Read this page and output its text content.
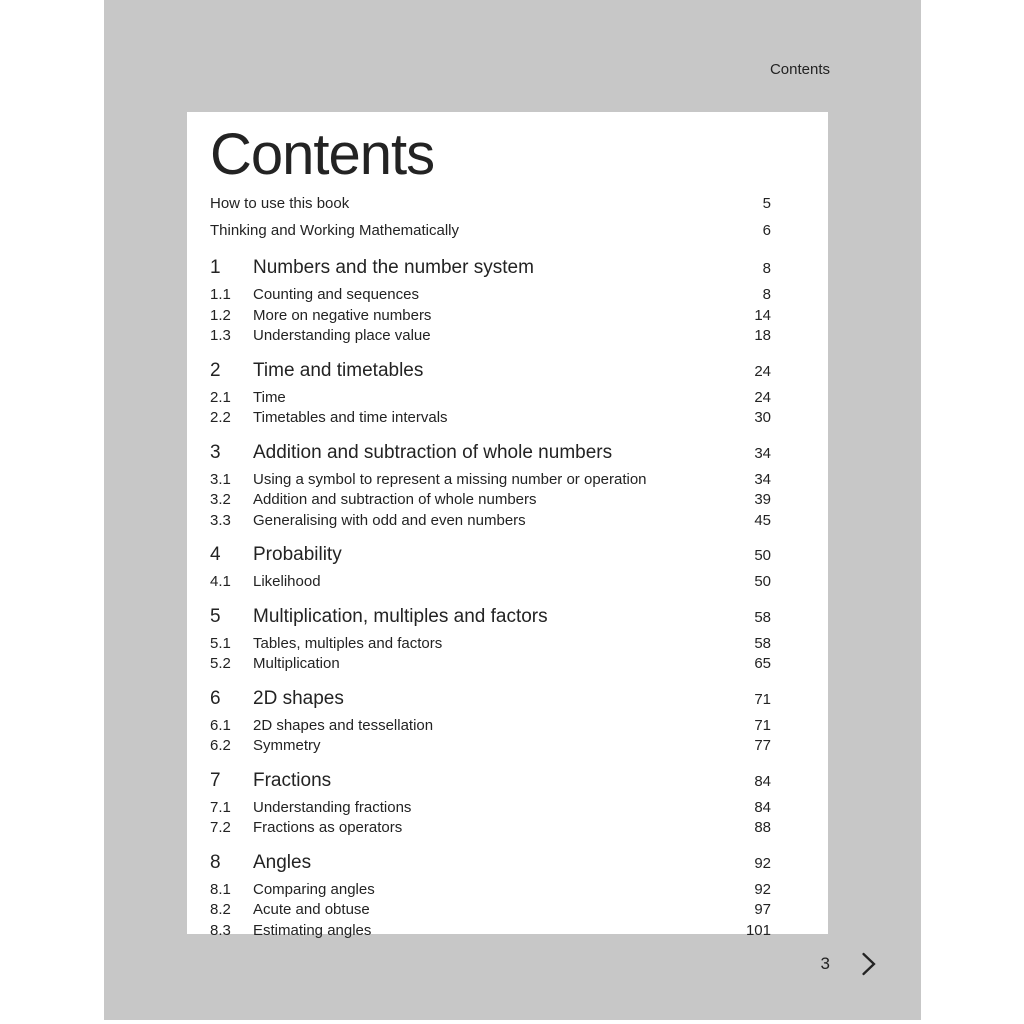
Contents
Contents
How to use this book	5
Thinking and Working Mathematically	6
1	Numbers and the number system	8
1.1	Counting and sequences	8
1.2	More on negative numbers	14
1.3	Understanding place value	18
2	Time and timetables	24
2.1	Time	24
2.2	Timetables and time intervals	30
3	Addition and subtraction of whole numbers	34
3.1	Using a symbol to represent a missing number or operation	34
3.2	Addition and subtraction of whole numbers	39
3.3	Generalising with odd and even numbers	45
4	Probability	50
4.1	Likelihood	50
5	Multiplication, multiples and factors	58
5.1	Tables, multiples and factors	58
5.2	Multiplication	65
6	2D shapes	71
6.1	2D shapes and tessellation	71
6.2	Symmetry	77
7	Fractions	84
7.1	Understanding fractions	84
7.2	Fractions as operators	88
8	Angles	92
8.1	Comparing angles	92
8.2	Acute and obtuse	97
8.3	Estimating angles	101
3
